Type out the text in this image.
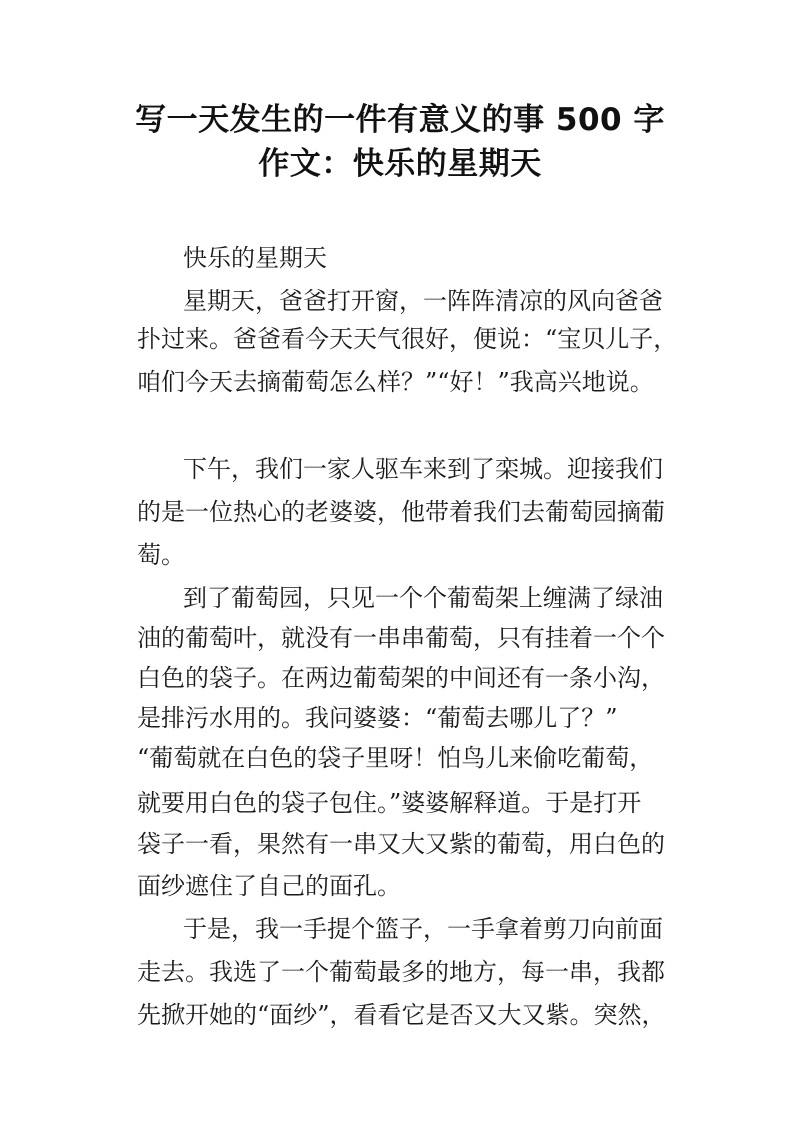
写一天发生的一件有意义的事 500 字
作文：快乐的星期天
快乐的星期天
星期天，爸爸打开窗，一阵阵清凉的风向爸爸
扑过来。爸爸看今天天气很好，便说：“宝贝儿子，
咱们今天去摘葡萄怎么样？”“好！”我高兴地说。
下午，我们一家人驱车来到了栾城。迎接我们
的是一位热心的老婆婆，他带着我们去葡萄园摘葡
萄。
到了葡萄园，只见一个个葡萄架上缠满了绿油
油的葡萄叶，就没有一串串葡萄，只有挂着一个个
白色的袋子。在两边葡萄架的中间还有一条小沟，
是排污水用的。我问婆婆：“葡萄去哪儿了？”
“葡萄就在白色的袋子里呀！怕鸟儿来偷吃葡萄，
就要用白色的袋子包住。”婆婆解释道。于是打开
袋子一看，果然有一串又大又紫的葡萄，用白色的
面纱遮住了自己的面孔。
于是，我一手提个篮子，一手拿着剪刀向前面
走去。我选了一个葡萄最多的地方，每一串，我都
先掀开她的“面纱”，看看它是否又大又紫。突然，
